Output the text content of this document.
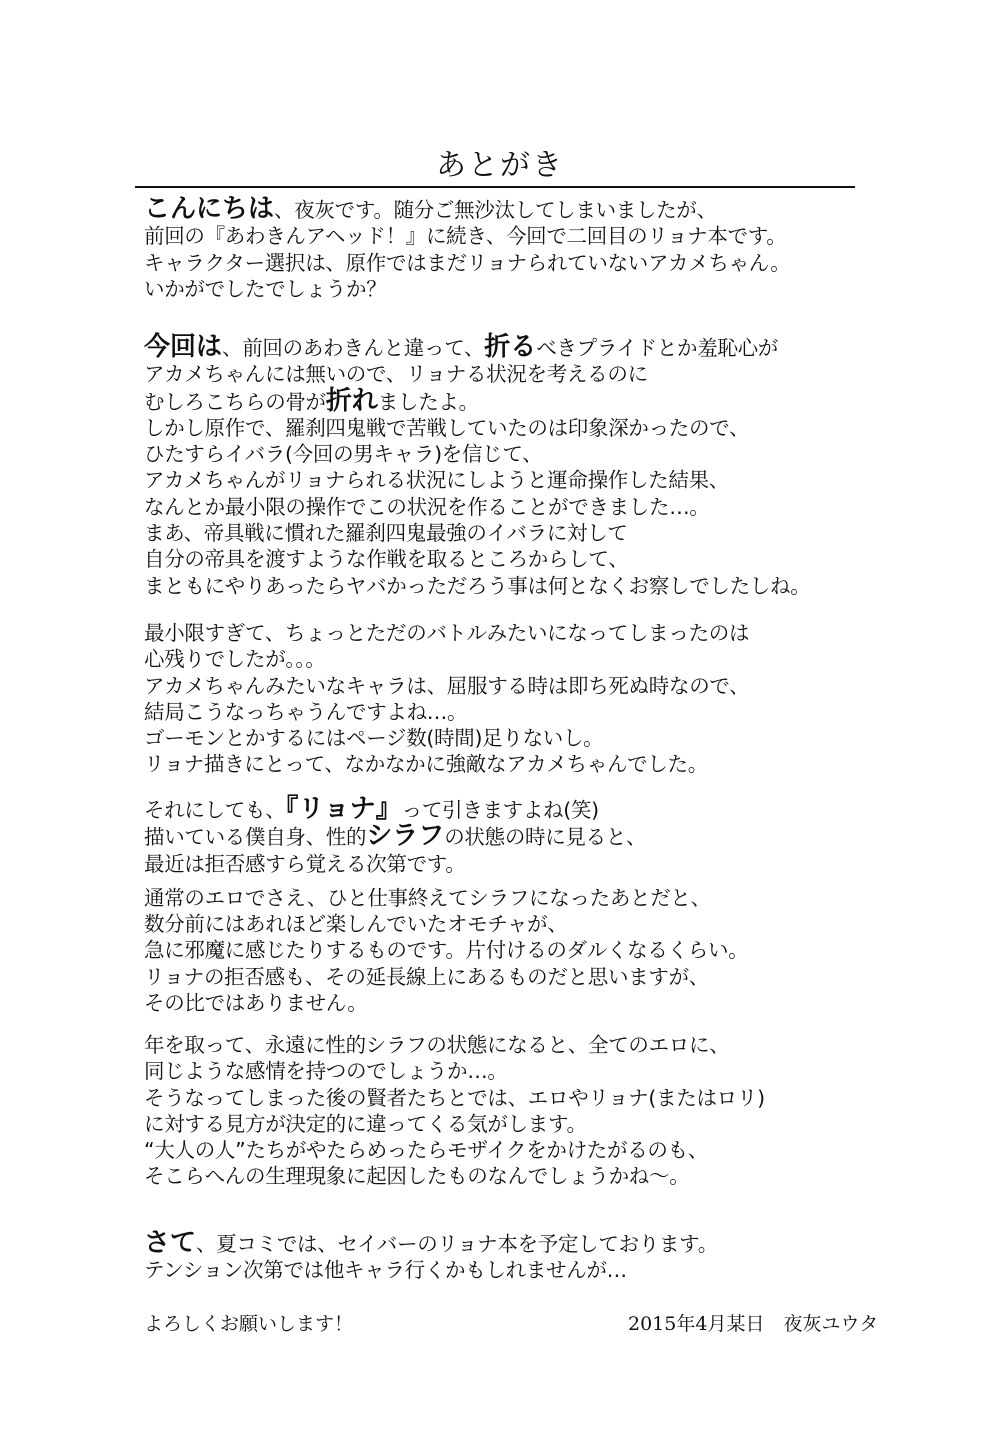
あとがき
こんにちは、夜灰です。随分ご無沙汰してしまいましたが、
前回の『あわきんアヘッド！』に続き、今回で二回目のリョナ本です。
キャラクター選択は、原作ではまだリョナられていないアカメちゃん。
いかがでしたでしょうか？
今回は、前回のあわきんと違って、折るべきプライドとか羞恥心が
アカメちゃんには無いので、リョナる状況を考えるのに
むしろこちらの骨が折れましたよ。
しかし原作で、羅刹四鬼戦で苦戦していたのは印象深かったので、
ひたすらイバラ(今回の男キャラ)を信じて、
アカメちゃんがリョナられる状況にしようと運命操作した結果、
なんとか最小限の操作でこの状況を作ることができました…。
まあ、帝具戦に慣れた羅刹四鬼最強のイバラに対して
自分の帝具を渡すような作戦を取るところからして、
まともにやりあったらヤバかっただろう事は何となくお察しでしたしね。
最小限すぎて、ちょっとただのバトルみたいになってしまったのは
心残りでしたが。。。
アカメちゃんみたいなキャラは、屈服する時は即ち死ぬ時なので、
結局こうなっちゃうんですよね…。
ゴーモンとかするにはページ数(時間)足りないし。
リョナ描きにとって、なかなかに強敵なアカメちゃんでした。
それにしても、『リョナ』って引きますよね(笑)
描いている僕自身、性的シラフの状態の時に見ると、
最近は拒否感すら覚える次第です。
通常のエロでさえ、ひと仕事終えてシラフになったあとだと、
数分前にはあれほど楽しんでいたオモチャが、
急に邪魔に感じたりするものです。片付けるのダルくなるくらい。
リョナの拒否感も、その延長線上にあるものだと思いますが、
その比ではありません。
年を取って、永遠に性的シラフの状態になると、全てのエロに、
同じような感情を持つのでしょうか…。
そうなってしまった後の賢者たちとでは、エロやリョナ(またはロリ)
に対する見方が決定的に違ってくる気がします。
“大人の人”たちがやたらめったらモザイクをかけたがるのも、
そこらへんの生理現象に起因したものなんでしょうかね～。
さて、夏コミでは、セイバーのリョナ本を予定しております。
テンション次第では他キャラ行くかもしれませんが…
よろしくお願いします！	2015年4月某日　夜灰ユウタ
